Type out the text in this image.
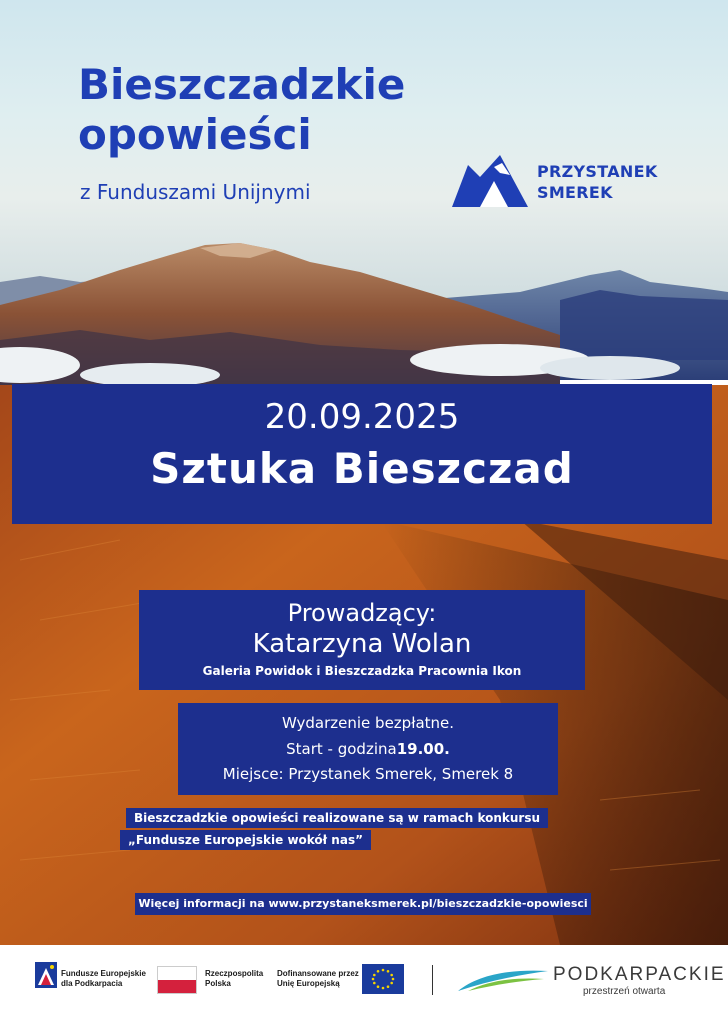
Bieszczadzkie
opowieści
z Funduszami Unijnymi
PRZYSTANEK
SMEREK
20.09.2025
Sztuka Bieszczad
Prowadzący:
Katarzyna Wolan
Galeria Powidok i Bieszczadzka Pracownia Ikon
Wydarzenie bezpłatne.
Start - godzina19.00.
Miejsce: Przystanek Smerek, Smerek 8
Bieszczadzkie opowieści realizowane są w ramach konkursu
„Fundusze Europejskie wokół nas”
Więcej informacji na www.przystaneksmerek.pl/bieszczadzkie-opowiesci
Fundusze Europejskie
dla Podkarpacia
Rzeczpospolita
Polska
Dofinansowane przez
Unię Europejską	PODKARPACKIE
przestrzeń otwarta
